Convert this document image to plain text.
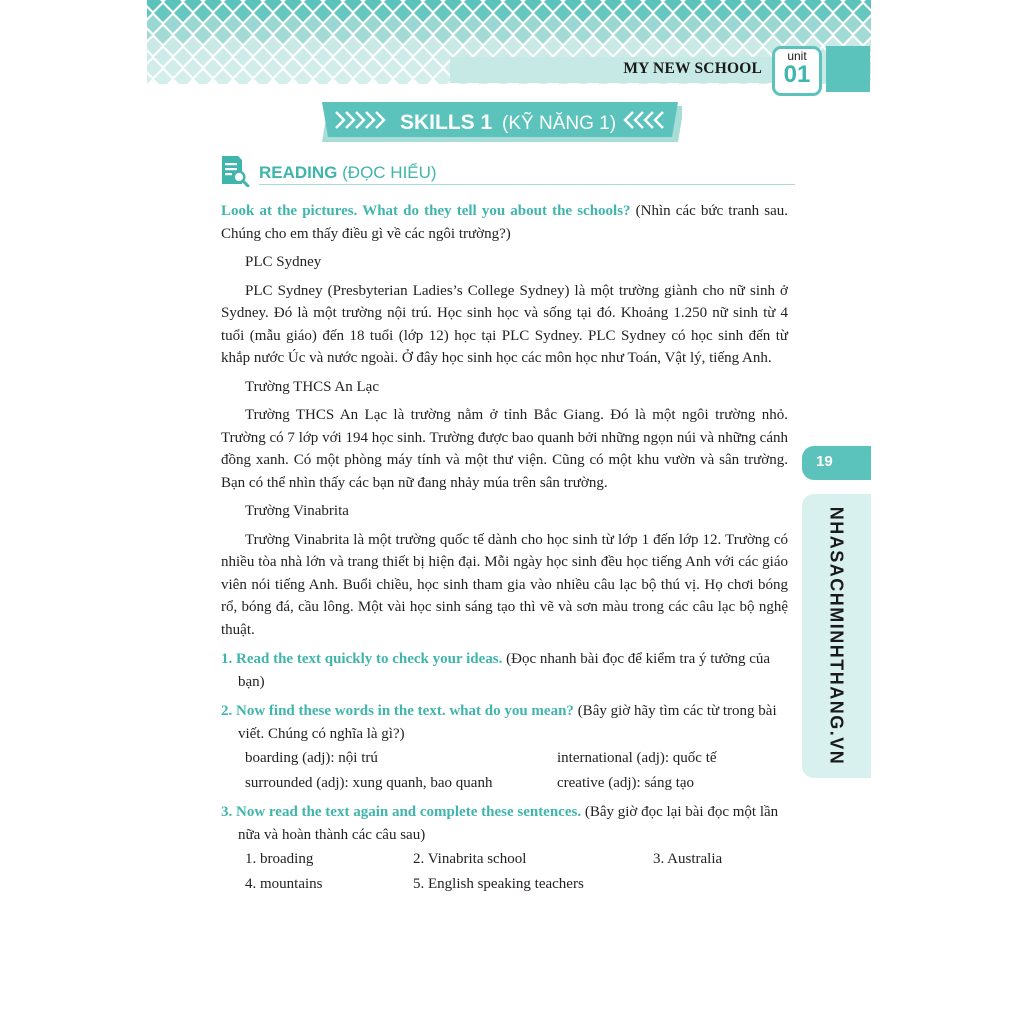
MY NEW SCHOOL
unit
01
SKILLS 1 (KỸ NĂNG 1)
READING (ĐỌC HIỂU)

Look at the pictures. What do they tell you about the schools? (Nhìn các bức tranh sau. Chúng cho em thấy điều gì về các ngôi trường?)

PLC Sydney

PLC Sydney (Presbyterian Ladies’s College Sydney) là một trường giành cho nữ sinh ở Sydney. Đó là một trường nội trú. Học sinh học và sống tại đó. Khoảng 1.250 nữ sinh từ 4 tuổi (mẫu giáo) đến 18 tuổi (lớp 12) học tại PLC Sydney. PLC Sydney có học sinh đến từ khắp nước Úc và nước ngoài. Ở đây học sinh học các môn học như Toán, Vật lý, tiếng Anh.

Trường THCS An Lạc

Trường THCS An Lạc là trường nằm ở tỉnh Bắc Giang. Đó là một ngôi trường nhỏ. Trường có 7 lớp với 194 học sinh. Trường được bao quanh bởi những ngọn núi và những cánh đồng xanh. Có một phòng máy tính và một thư viện. Cũng có một khu vườn và sân trường. Bạn có thể nhìn thấy các bạn nữ đang nhảy múa trên sân trường.

Trường Vinabrita

Trường Vinabrita là một trường quốc tế dành cho học sinh từ lớp 1 đến lớp 12. Trường có nhiều tòa nhà lớn và trang thiết bị hiện đại. Mỗi ngày học sinh đều học tiếng Anh với các giáo viên nói tiếng Anh. Buổi chiều, học sinh tham gia vào nhiều câu lạc bộ thú vị. Họ chơi bóng rổ, bóng đá, cầu lông. Một vài học sinh sáng tạo thì vẽ và sơn màu trong các câu lạc bộ nghệ thuật.

1. Read the text quickly to check your ideas. (Đọc nhanh bài đọc để kiểm tra ý tưởng của bạn)

2. Now find these words in the text. what do you mean? (Bây giờ hãy tìm các từ trong bài viết. Chúng có nghĩa là gì?)

boarding (adj): nội trú	international (adj): quốc tế
surrounded (adj): xung quanh, bao quanh	creative (adj): sáng tạo

3. Now read the text again and complete these sentences. (Bây giờ đọc lại bài đọc một lần nữa và hoàn thành các câu sau)

1. broading	2. Vinabrita school	3. Australia
4. mountains	5. English speaking teachers
19
NHASACHMINHTHANG.VN
